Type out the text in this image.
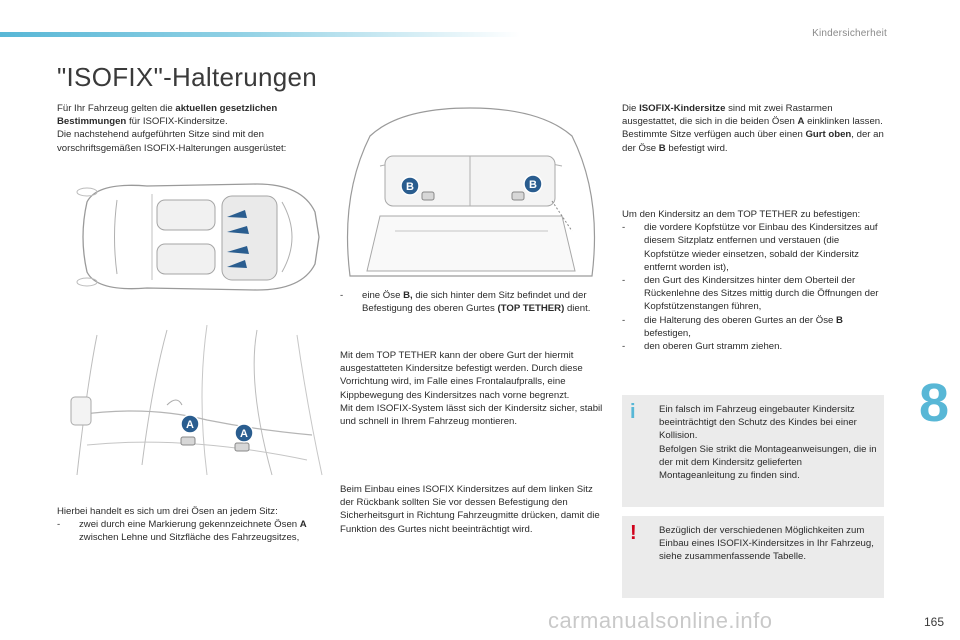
Kindersicherheit
"ISOFIX"-Halterungen

Für Ihr Fahrzeug gelten die aktuellen gesetzlichen Bestimmungen für ISOFIX-Kindersitze.

Die nachstehend aufgeführten Sitze sind mit den vorschriftsgemäßen ISOFIX-Halterungen ausgerüstet:

A
A

Hierbei handelt es sich um drei Ösen an jedem Sitz:

- zwei durch eine Markierung gekennzeichnete Ösen A zwischen Lehne und Sitzfläche des Fahrzeugsitzes,

B	B

- eine Öse B, die sich hinter dem Sitz befindet und der Befestigung des oberen Gurtes (TOP TETHER) dient.

Mit dem TOP TETHER kann der obere Gurt der hiermit ausgestatteten Kindersitze befestigt werden. Durch diese Vorrichtung wird, im Falle eines Frontalaufpralls, eine Kippbewegung des Kindersitzes nach vorne begrenzt.

Mit dem ISOFIX-System lässt sich der Kindersitz sicher, stabil und schnell in Ihrem Fahrzeug montieren.

Beim Einbau eines ISOFIX Kindersitzes auf dem linken Sitz der Rückbank sollten Sie vor dessen Befestigung den Sicherheitsgurt in Richtung Fahrzeugmitte drücken, damit die Funktion des Gurtes nicht beeinträchtigt wird.

Die ISOFIX-Kindersitze sind mit zwei Rastarmen ausgestattet, die sich in die beiden Ösen A einklinken lassen.

Bestimmte Sitze verfügen auch über einen Gurt oben, der an der Öse B befestigt wird.

Um den Kindersitz an dem TOP TETHER zu befestigen:

- die vordere Kopfstütze vor Einbau des Kindersitzes auf diesem Sitzplatz entfernen und verstauen (die Kopfstütze wieder einsetzen, sobald der Kindersitz entfernt worden ist),

- den Gurt des Kindersitzes hinter dem Oberteil der Rückenlehne des Sitzes mittig durch die Öffnungen der Kopfstützenstangen führen,

- die Halterung des oberen Gurtes an der Öse B befestigen,

- den oberen Gurt stramm ziehen.

i Ein falsch im Fahrzeug eingebauter Kindersitz beeinträchtigt den Schutz des Kindes bei einer Kollision.

Befolgen Sie strikt die Montageanweisungen, die in der mit dem Kindersitz gelieferten Montageanleitung zu finden sind.

! Bezüglich der verschiedenen Möglichkeiten zum Einbau eines ISOFIX-Kindersitzes in Ihr Fahrzeug, siehe zusammenfassende Tabelle.

8
carmanualsonline.info	165
